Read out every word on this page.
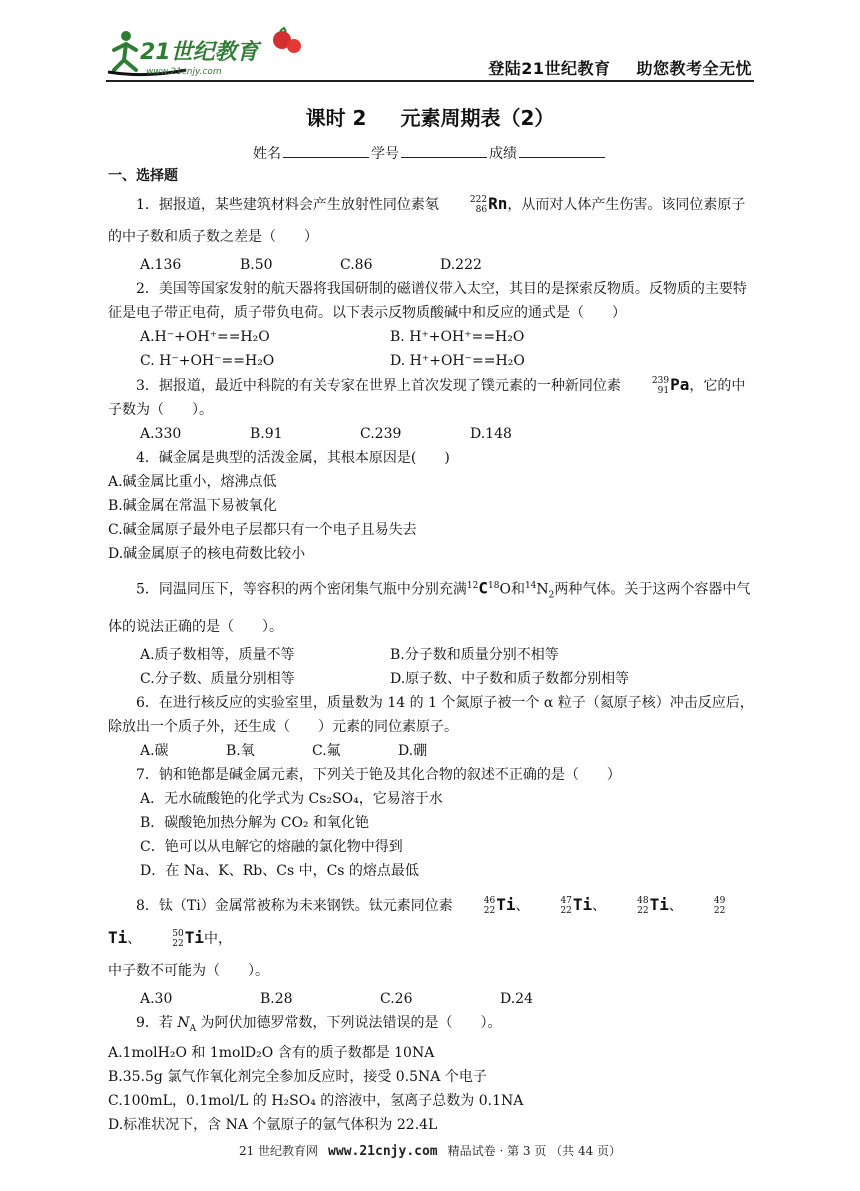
21世纪教育
www.21cnjy.com	登陆21世纪教育 助您教考全无忧
课时 2 元素周期表（2）
姓名	学号	成绩

一、选择题

1．据报道，某些建筑材料会产生放射性同位素氡	222
86 Rn，从而对人体产生伤害。该同位素原子的中子数和质子数之差是（　　）

A.136	B.50	C.86	D.222

2．美国等国家发射的航天器将我国研制的磁谱仪带入太空，其目的是探索反物质。反物质的主要特征是电子带正电荷，质子带负电荷。以下表示反物质酸碱中和反应的通式是（　　）

A.H⁻+OH⁺==H₂O	B. H⁺+OH⁺==H₂O
C. H⁻+OH⁻==H₂O	D. H⁺+OH⁻==H₂O

3．据报道，最近中科院的有关专家在世界上首次发现了镤元素的一种新同位素	239
91 Pa，它的中子数为（　　）。

A.330	B.91	C.239	D.148

4．碱金属是典型的活泼金属，其根本原因是(　　)

A.碱金属比重小，熔沸点低

B.碱金属在常温下易被氧化

C.碱金属原子最外电子层都只有一个电子且易失去

D.碱金属原子的核电荷数比较小

5．同温同压下，等容积的两个密闭集气瓶中分别充满$^{12}C^{18}O$和$^{14}N_2$两种气体。关于这两个容器中气体的说法正确的是（　　）。

A.质子数相等，质量不等	B.分子数和质量分别不相等
C.分子数、质量分别相等	D.原子数、中子数和质子数都分别相等

6．在进行核反应的实验室里，质量数为 14 的 1 个氮原子被一个 α 粒子（氦原子核）冲击反应后，除放出一个质子外，还生成（　　）元素的同位素原子。

A.碳	B.氧	C.氟	D.硼

7．钠和铯都是碱金属元素，下列关于铯及其化合物的叙述不正确的是（　　）

A．无水硫酸铯的化学式为 Cs₂SO₄，它易溶于水

B．碳酸铯加热分解为 CO₂ 和氧化铯

C．铯可以从电解它的熔融的氯化物中得到

D．在 Na、K、Rb、Cs 中，Cs 的熔点最低

8．钛（Ti）金属常被称为未来钢铁。钛元素同位素	46
22 Ti、	47
22 Ti、	48
22 Ti、	49
22
Ti、	50
22 Ti中，

中子数不可能为（　　）。

A.30	B.28	C.26	D.24

9．若 $N_A$ 为阿伏加德罗常数，下列说法错误的是（　　）。

A.1molH₂O 和 1molD₂O 含有的质子数都是 10NA

B.35.5g 氯气作氧化剂完全参加反应时，接受 0.5NA 个电子

C.100mL，0.1mol/L 的 H₂SO₄ 的溶液中，氢离子总数为 0.1NA

D.标准状况下，含 NA 个氩原子的氩气体积为 22.4L

21 世纪教育网 www.21cnjy.com 精品试卷 · 第 3 页 （共 44 页）
